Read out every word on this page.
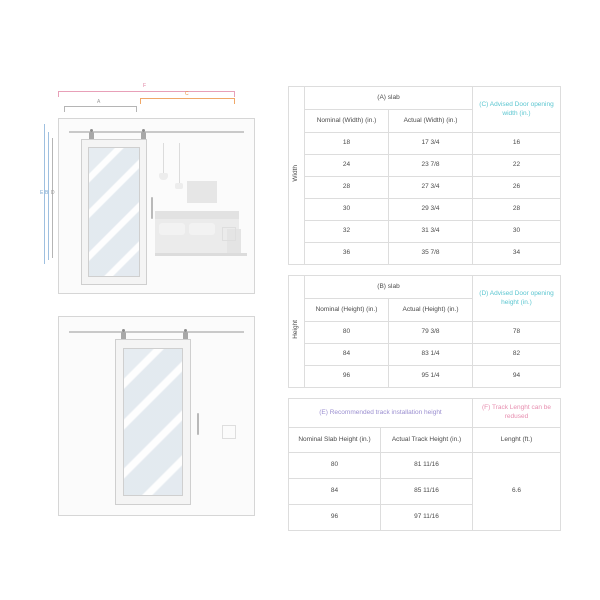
F
C
A
E B D
Width	(A) slab		(C) Advised Door opening width (in.)
	Nominal (Width) (in.)	Actual (Width) (in.)	
	18	17 3/4	16
	24	23 7/8	22
	28	27 3/4	26
	30	29 3/4	28
	32	31 3/4	30
	36	35 7/8	34
Height	(B) slab		(D) Advised Door opening height (in.)
	Nominal (Height) (in.)	Actual (Height) (in.)	
	80	79 3/8	78
	84	83 1/4	82
	96	95 1/4	94
(E) Recommended track installation height		(F) Track Lenght can be redused
Nominal Slab Height (in.)	Actual Track Height (in.)	Lenght (ft.)
80	81 11/16	6.6
84	85 11/16	
96	97 11/16	
